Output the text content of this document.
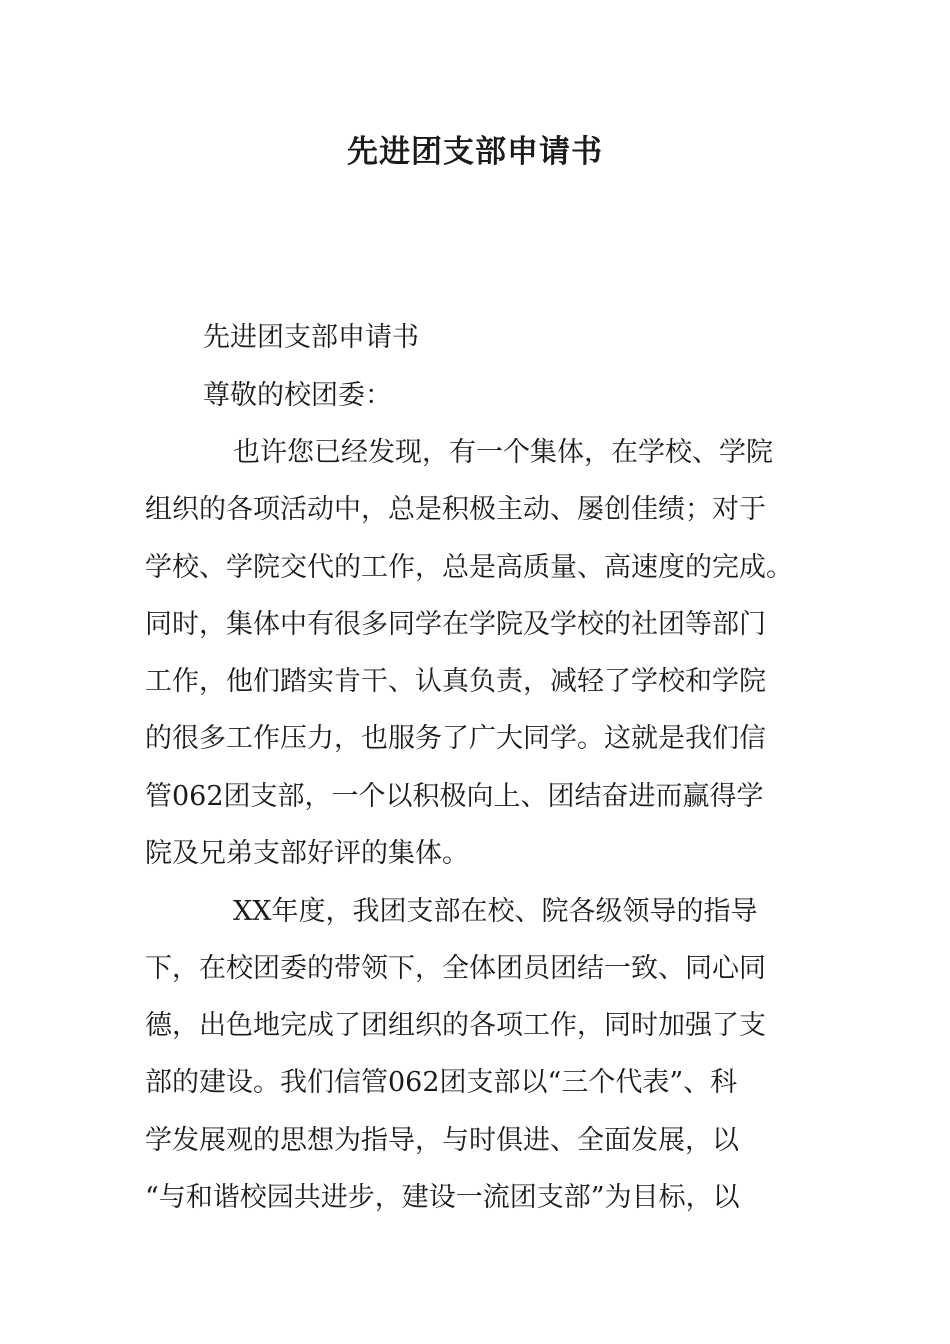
先进团支部申请书
先进团支部申请书
尊敬的校团委：
也许您已经发现，有一个集体，在学校、学院
组织的各项活动中，总是积极主动、屡创佳绩；对于
学校、学院交代的工作，总是高质量、高速度的完成。
同时，集体中有很多同学在学院及学校的社团等部门
工作，他们踏实肯干、认真负责，减轻了学校和学院
的很多工作压力，也服务了广大同学。这就是我们信
管062团支部，一个以积极向上、团结奋进而赢得学
院及兄弟支部好评的集体。
XX年度，我团支部在校、院各级领导的指导
下，在校团委的带领下，全体团员团结一致、同心同
德，出色地完成了团组织的各项工作，同时加强了支
部的建设。我们信管062团支部以“三个代表”、科
学发展观的思想为指导，与时俱进、全面发展，以
“与和谐校园共进步，建设一流团支部”为目标，以
